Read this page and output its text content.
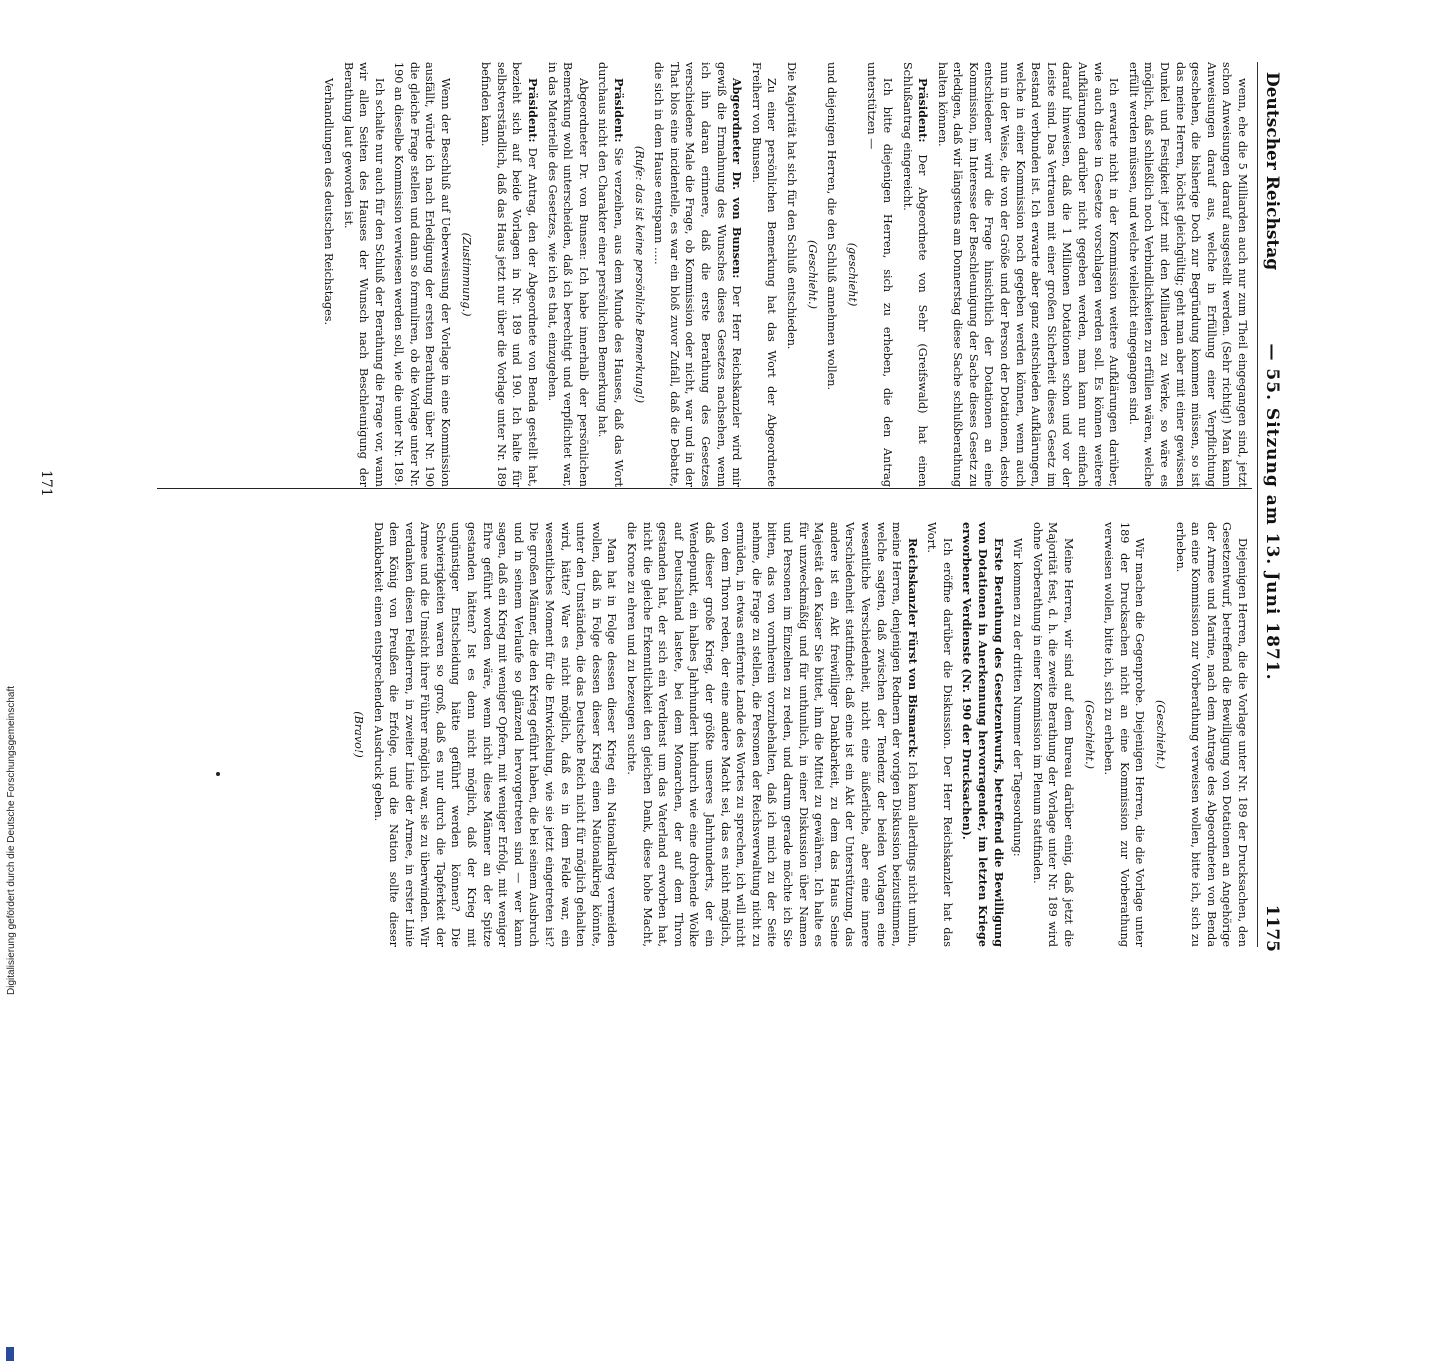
Deutscher Reichstag
— 55. Sitzung am 13. Juni 1871.
1175

wenn, ehe die 5 Milliarden auch nur zum Theil eingegangen sind, jetzt schon Anweisungen darauf ausgestellt werden. (Sehr richtig!) Man kann Anweisungen darauf aus, welche in Erfüllung einer Verpflichtung geschehen, die bisherige Doch zur Begründung kommen müssen, so ist das meine Herren, höchst gleichgültig; geht man aber mit einer gewissen Dunkel und Festigkeit jetzt mit den Milliarden zu Werke, so wäre es möglich, daß schließlich noch Verbindlichkeiten zu erfüllen wären, welche erfüllt werden müssen, und welche vielleicht eingegangen sind.

Ich erwarte nicht in der Kommission weitere Aufklärungen darüber, wie auch diese in Gesetze vorschlagen werden soll. Es können weitere Aufklärungen darüber nicht gegeben werden, man kann nur einfach darauf hinweisen, daß die 1 Millionen Dotationen schon und vor der Leiste sind. Das Vertrauen mit einer großen Sicherheit dieses Gesetz im Bestand verbunden ist. Ich erwarte aber ganz entschieden Aufklärungen, welche in einer Kommission noch gegeben werden können, wenn auch nun in der Weise, die von der Größe und der Person der Dotationen, desto entschiedener wird die Frage hinsichtlich der Dotationen an eine Kommission, im Interesse der Beschleunigung der Sache dieses Gesetz zu erledigen, daß wir längstens am Donnerstag diese Sache schlußberathung halten können.

Präsident: Der Abgeordnete von Sehr (Greifswald) hat einen Schlußantrag eingereicht.

Ich bitte diejenigen Herren, sich zu erheben, die den Antrag unterstützen —

(geschieht)

und diejenigen Herren, die den Schluß annehmen wollen.

(Geschieht.)

Die Majorität hat sich für den Schluß entschieden.

Zu einer persönlichen Bemerkung hat das Wort der Abgeordnete Freiherr von Bunsen.

Abgeordneter Dr. von Bunsen: Der Herr Reichskanzler wird mir gewiß die Ermahnung des Wunsches dieses Gesetzes nachsehen, wenn ich ihn daran erinnere, daß die erste Berathung des Gesetzes verschiedene Male die Frage, ob Kommission oder nicht, war und in der That blos eine incidentelle, es war ein bloß zuvor Zufall, daß die Debatte, die sich in dem Hause entspann .....

(Rufe: das ist keine persönliche Bemerkung!)

Präsident: Sie verzeihen, aus dem Munde des Hauses, daß das Wort durchaus nicht den Charakter einer persönlichen Bemerkung hat.

Abgeordneter Dr. von Bunsen: Ich habe innerhalb der persönlichen Bemerkung wohl unterscheiden, daß ich berechtigt und verpflichtet war, in das Materielle des Gesetzes, wie ich es that, einzugehen.

Präsident: Der Antrag, den der Abgeordnete von Benda gestellt hat, bezieht sich auf beide Vorlagen in Nr. 189 und 190. Ich halte für selbstverständlich, daß das Haus jetzt nur über die Vorlage unter Nr. 189 befinden kann.

(Zustimmung.)

Wenn der Beschluß auf Ueberweisung der Vorlage in eine Kommission ausfällt, würde ich nach Erledigung der ersten Berathung über Nr. 190 die gleiche Frage stellen und dann so formuliren, ob die Vorlage unter Nr. 190 an dieselbe Kommission verwiesen werden soll, wie die unter Nr. 189.

Ich schalte nur auch für den Schluß der Berathung die Frage vor, wann wir allen Seiten des Hauses der Wunsch nach Beschleunigung der Berathung laut geworden ist.

Verhandlungen des deutschen Reichstages.

Diejenigen Herren, die die Vorlage unter Nr. 189 der Drucksachen, den Gesetzentwurf, betreffend die Bewilligung von Dotationen an Angehörige der Armee und Marine, nach dem Antrage des Abgeordneten von Benda an eine Kommission zur Vorberathung verweisen wollen, bitte ich, sich zu erheben.

(Geschieht.)

Wir machen die Gegenprobe. Diejenigen Herren, die die Vorlage unter 189 der Drucksachen nicht an eine Kommission zur Vorberathung verweisen wollen, bitte ich, sich zu erheben.

(Geschieht.)

Meine Herren, wir sind auf dem Bureau darüber einig, daß jetzt die Majorität fest, d. h. die zweite Berathung der Vorlage unter Nr. 189 wird ohne Vorberathung in einer Kommission im Plenum stattfinden.

Wir kommen zu der dritten Nummer der Tagesordnung:

Erste Berathung des Gesetzentwurfs, betreffend die Bewilligung von Dotationen in Anerkennung hervorragender, im letzten Kriege erworbener Verdienste (Nr. 190 der Drucksachen).

Ich eröffne darüber die Diskussion. Der Herr Reichskanzler hat das Wort.

Reichskanzler Fürst von Bismarck: Ich kann allerdings nicht umhin, meine Herren, denjenigen Rednern der vorigen Diskussion beizustimmen, welche sagten, daß zwischen der Tendenz der beiden Vorlagen eine wesentliche Verschiedenheit, nicht eine äußerliche, aber eine innere Verschiedenheit stattfindet: daß eine ist ein Akt der Unterstützung, das andere ist ein Akt freiwilliger Dankbarkeit, zu dem das Haus Seine Majestät den Kaiser Sie bittet, ihm die Mittel zu gewähren. Ich halte es für unzweckmäßig und für unthunlich, in einer Diskussion über Namen und Personen im Einzelnen zu reden, und darum gerade möchte ich Sie bitten, das von vornherein vorzubehalten, daß ich mich zu der Seite nehme, die Frage zu stellen, die Personen der Reichsverwaltung nicht zu ermüden, in etwas entfernte Lande des Wortes zu sprechen, ich will nicht von dem Thron reden, der eine andere Macht sei, das es nicht möglich, daß dieser große Krieg, der größte unseres Jahrhunderts, der ein Wendepunkt, ein halbes Jahrhundert hindurch wie eine drohende Wolke auf Deutschland lastete, bei dem Monarchen, der auf dem Thron gestanden hat, der sich ein Verdienst um das Vaterland erworben hat, nicht die gleiche Erkenntlichkeit den gleichen Dank, diese hohe Macht, die Krone zu ehren und zu bezeugen suchte.

Man hat in Folge dessen dieser Krieg ein Nationalkrieg vermeiden wollen, daß in Folge dessen dieser Krieg einen Nationalkrieg könnte, unter den Umständen, die das Deutsche Reich nicht für möglich gehalten wird, hätte? War es nicht möglich, daß es in dem Felde war, ein wesentliches Moment für die Entwickelung, wie sie jetzt eingetreten ist? Die großen Männer, die den Krieg geführt haben, die bei seinem Ausbruch und in seinem Verlaufe so glänzend hervorgetreten sind — wer kann sagen, daß ein Krieg mit weniger Opfern, mit weniger Erfolg, mit weniger Ehre geführt worden wäre, wenn nicht diese Männer an der Spitze gestanden hätten? Ist es denn nicht möglich, daß der Krieg mit ungünstiger Entscheidung hätte geführt werden können? Die Schwierigkeiten waren so groß, daß es nur durch die Tapferkeit der Armee und die Umsicht ihrer Führer möglich war, sie zu überwinden. Wir verdanken diesen Feldherren, in zweiter Linie der Armee, in erster Linie dem König von Preußen die Erfolge, und die Nation sollte dieser Dankbarkeit einen entsprechenden Ausdruck geben.

(Bravo!)
171
Digitalisierung gefördert durch die Deutsche Forschungsgemeinschaft
